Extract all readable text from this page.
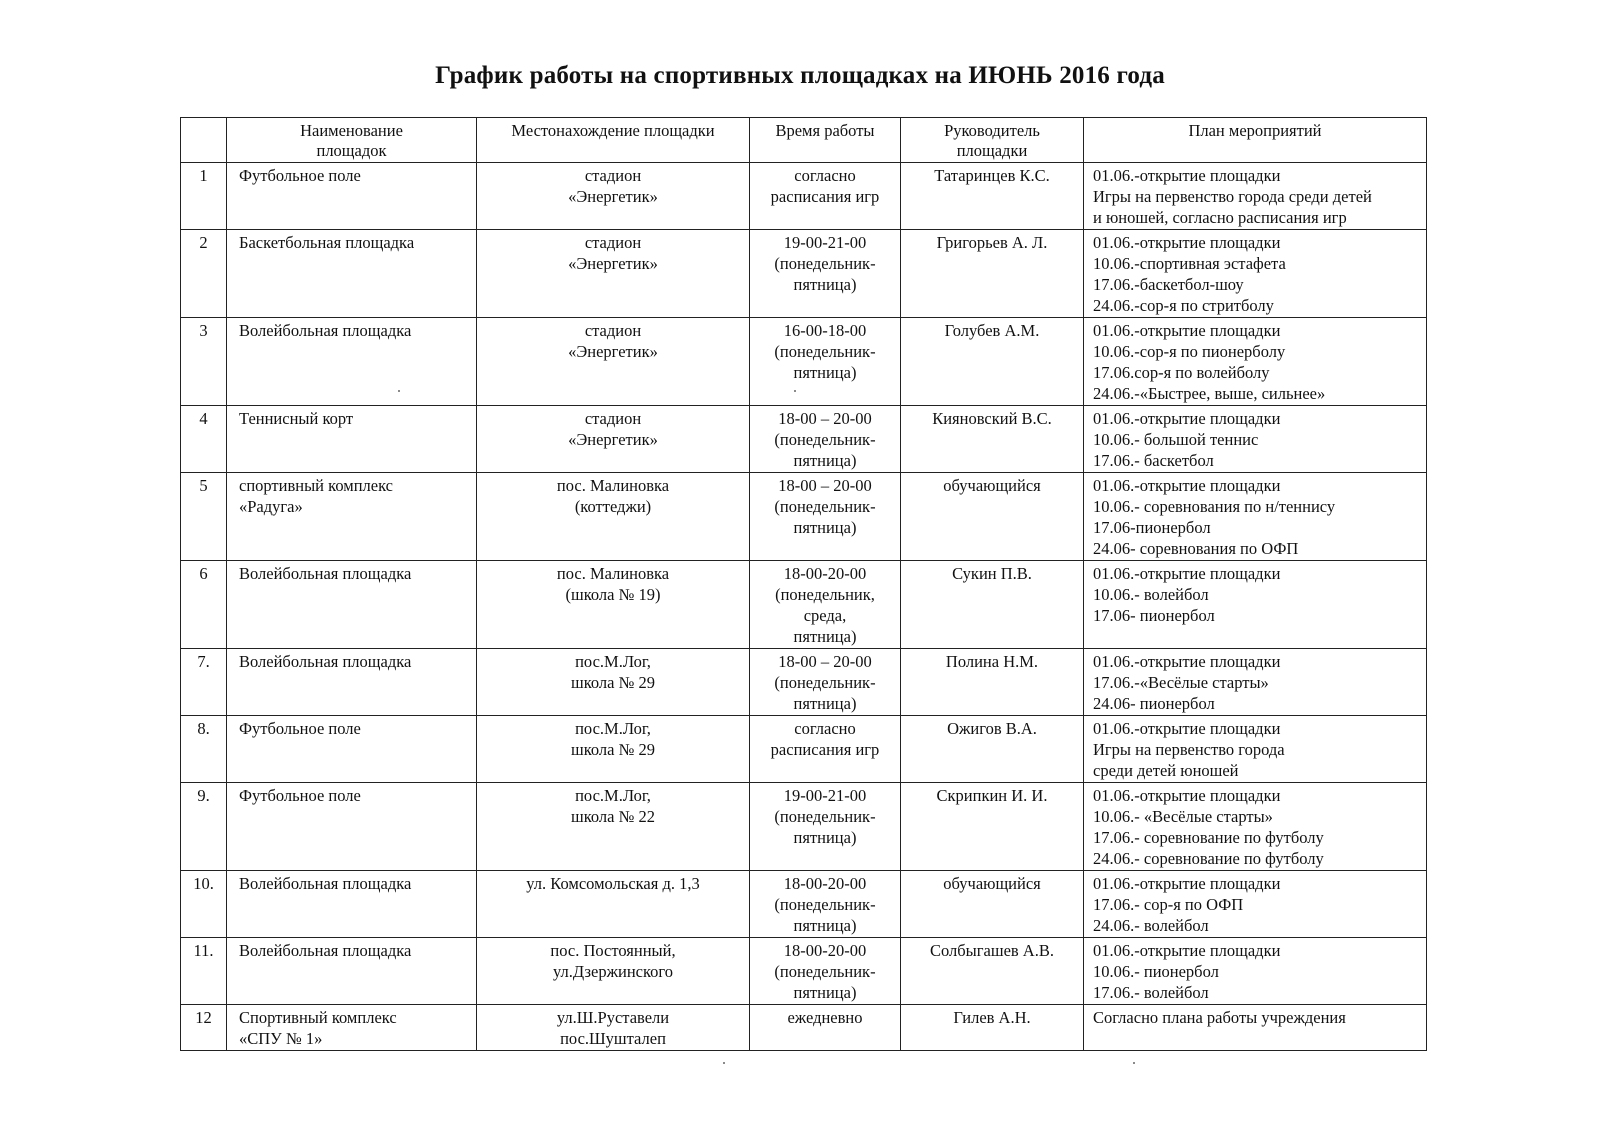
График работы на спортивных площадках на ИЮНЬ 2016 года

	Наименование
площадок	Местонахождение площадки	Время работы	Руководитель
площадки	План мероприятий
1	Футбольное поле	стадион
«Энергетик»	согласно
расписания игр	Татаринцев К.С.	01.06.-открытие площадки
Игры на первенство города среди детей
и юношей, согласно расписания игр

2	Баскетбольная площадка	стадион
«Энергетик»	19-00-21-00
(понедельник-
пятница)	Григорьев А. Л.	01.06.-открытие площадки
10.06.-спортивная эстафета
17.06.-баскетбол-шоу
24.06.-сор-я по стритболу

3	Волейбольная площадка	стадион
«Энергетик»	16-00-18-00
(понедельник-
пятница)	Голубев А.М.	01.06.-открытие площадки
10.06.-сор-я по пионерболу
17.06.сор-я по волейболу
24.06.-«Быстрее, выше, сильнее»

4	Теннисный корт	стадион
«Энергетик»	18-00 – 20-00
(понедельник-
пятница)	Кияновский В.С.	01.06.-открытие площадки
10.06.- большой теннис
17.06.- баскетбол

5	спортивный комплекс
«Радуга»	пос. Малиновка
(коттеджи)	18-00 – 20-00
(понедельник-
пятница)	обучающийся	01.06.-открытие площадки
10.06.- соревнования по н/теннису
17.06-пионербол
24.06- соревнования по ОФП

6	Волейбольная площадка	пос. Малиновка
(школа № 19)	18-00-20-00
(понедельник,
среда,
пятница)	Сукин П.В.	01.06.-открытие площадки
10.06.- волейбол
17.06- пионербол

7.	Волейбольная площадка	пос.М.Лог,
школа № 29	18-00 – 20-00
(понедельник-
пятница)	Полина Н.М.	01.06.-открытие площадки
17.06.-«Весёлые старты»
24.06- пионербол

8.	Футбольное поле	пос.М.Лог,
школа № 29	согласно
расписания игр	Ожигов В.А.	01.06.-открытие площадки
Игры на первенство города
среди детей юношей

9.	Футбольное поле	пос.М.Лог,
школа № 22	19-00-21-00
(понедельник-
пятница)	Скрипкин И. И.	01.06.-открытие площадки
10.06.- «Весёлые старты»
17.06.- соревнование по футболу
24.06.- соревнование по футболу

10.	Волейбольная площадка	ул. Комсомольская д. 1,3	18-00-20-00
(понедельник-
пятница)	обучающийся	01.06.-открытие площадки
17.06.- сор-я по ОФП
24.06.- волейбол

11.	Волейбольная площадка	пос. Постоянный,
ул.Дзержинского	18-00-20-00
(понедельник-
пятница)	Солбыгашев А.В.	01.06.-открытие площадки
10.06.- пионербол
17.06.- волейбол

12	Спортивный комплекс
«СПУ № 1»	ул.Ш.Руставели
пос.Шушталеп	ежедневно	Гилев А.Н.	Согласно плана работы учреждения
